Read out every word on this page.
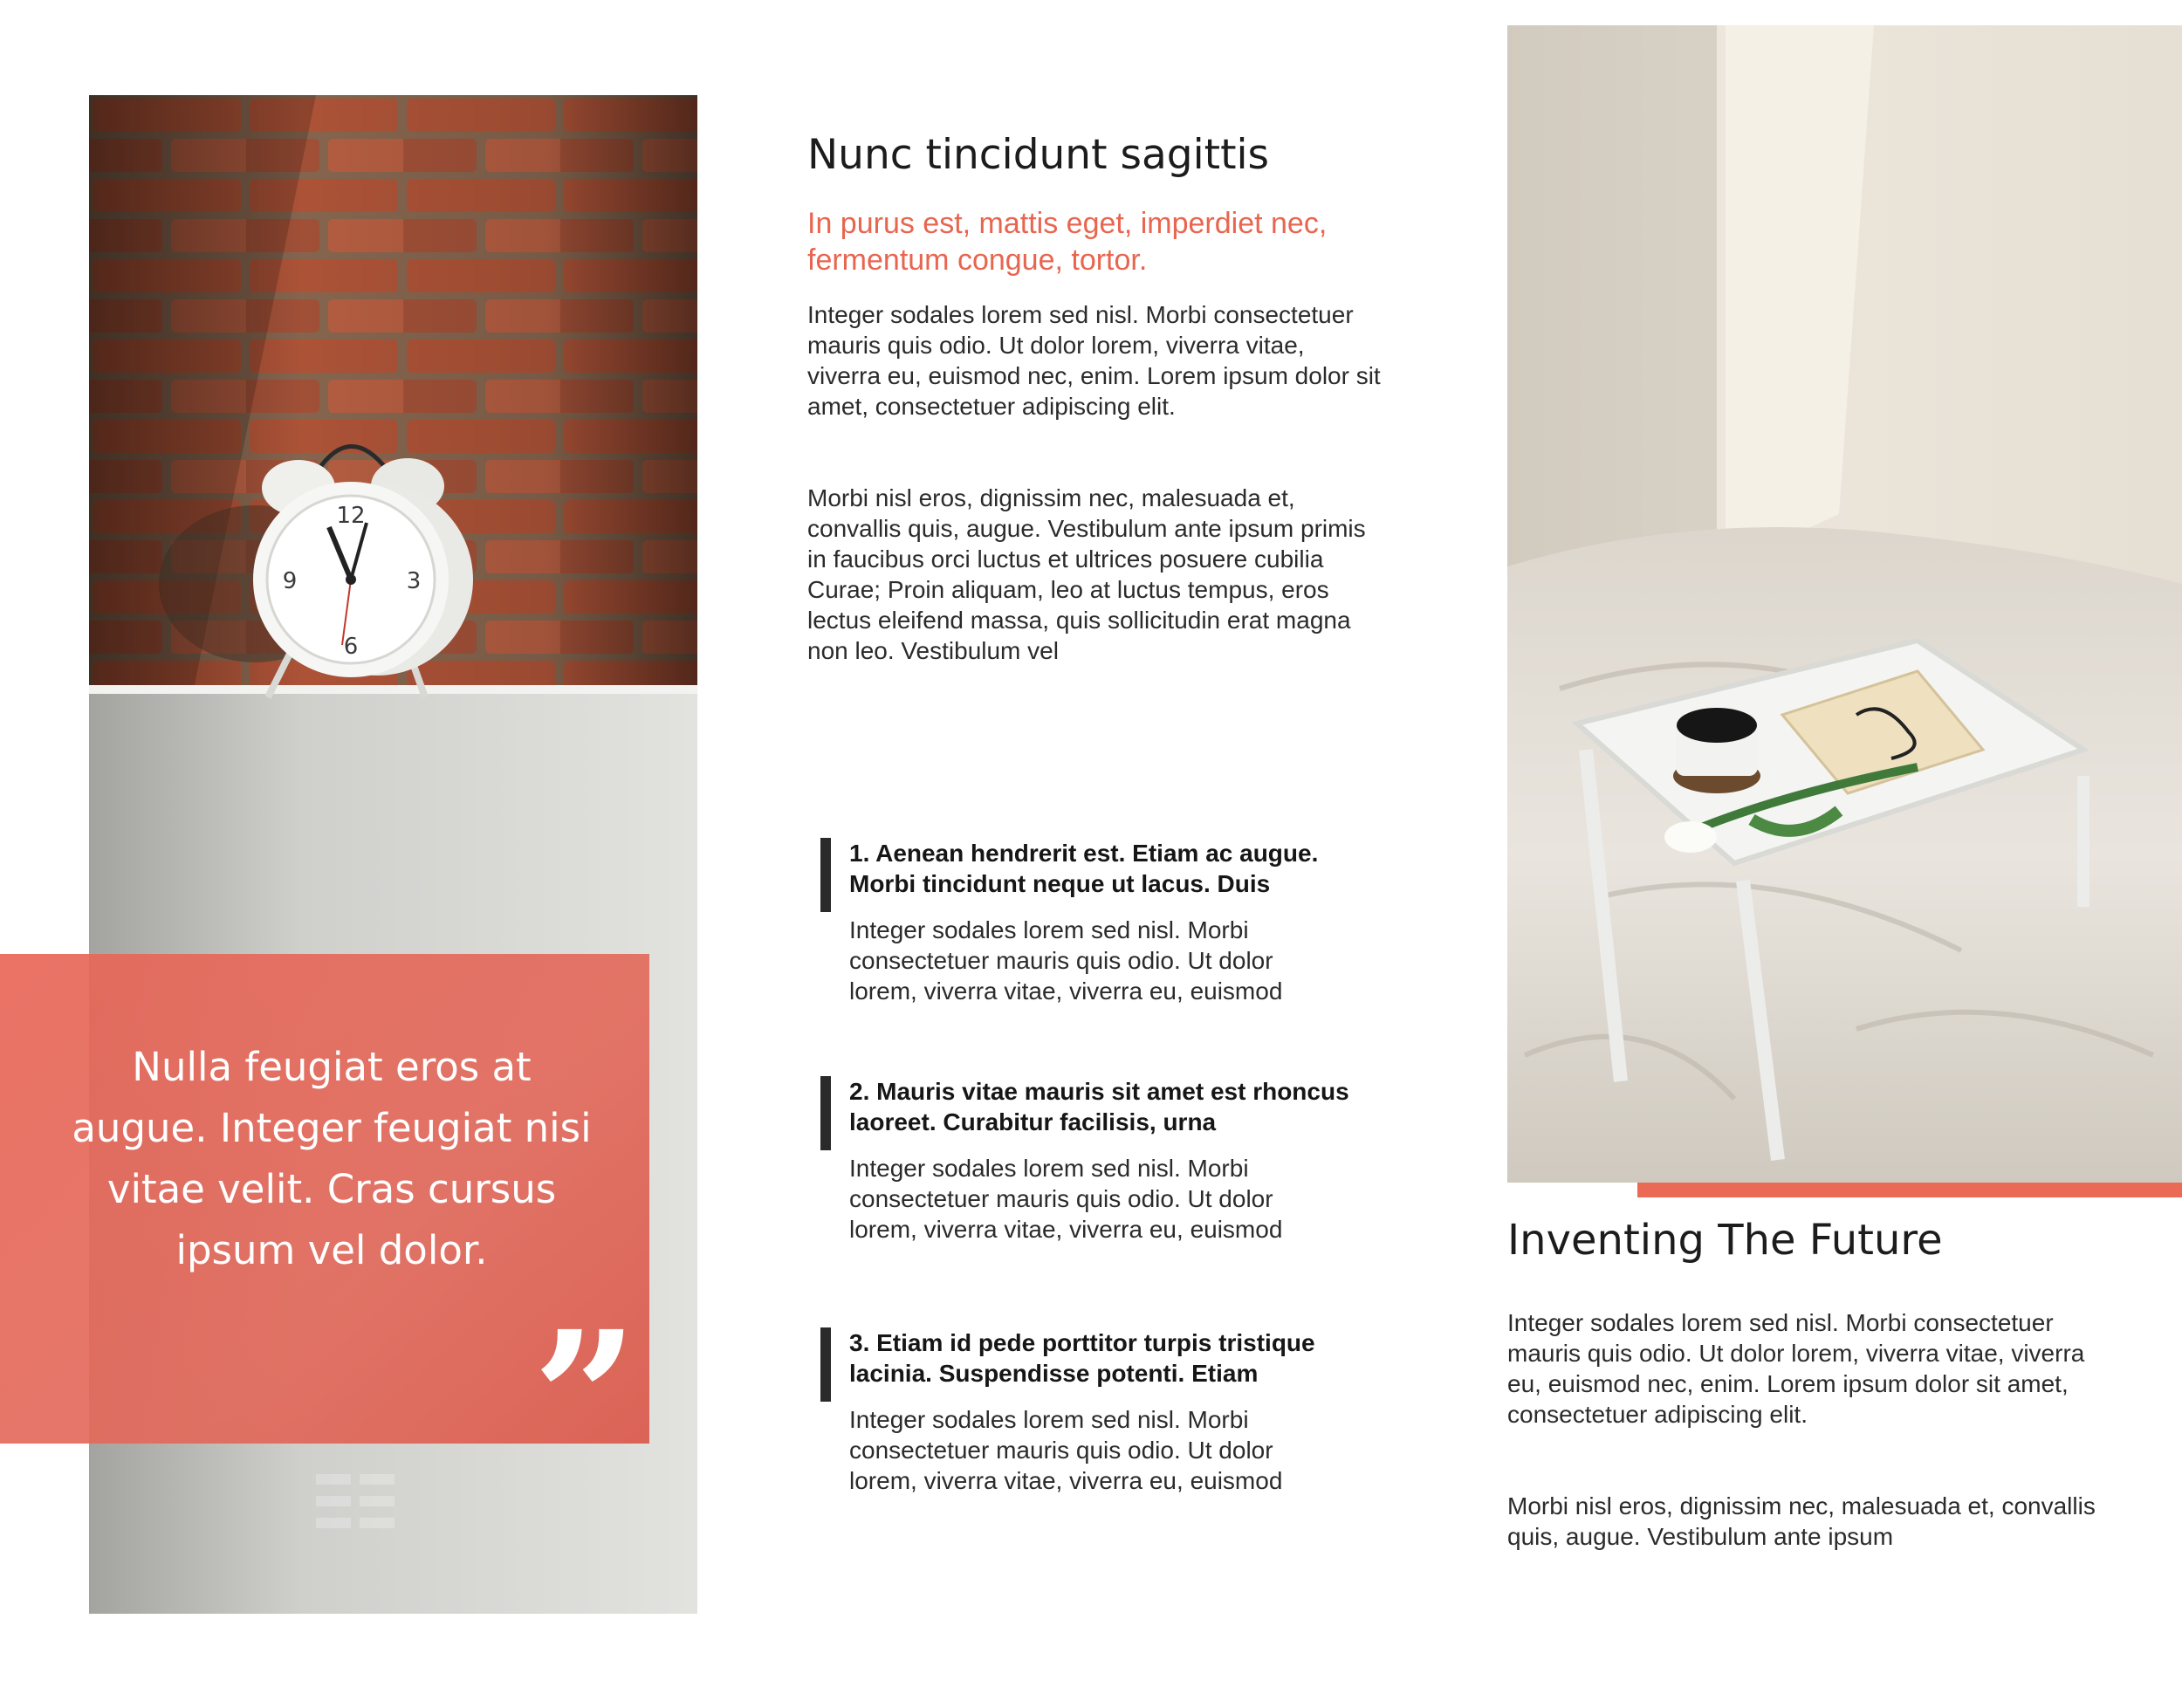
12
3
6
9
Nulla feugiat eros at augue. Integer feugiat nisi vitae velit. Cras cursus ipsum vel dolor.
”
Nunc tincidunt sagittis
In purus est, mattis eget, imperdiet nec, fermentum congue, tortor.
Integer sodales lorem sed nisl. Morbi consectetuer mauris quis odio. Ut dolor lorem, viverra vitae, viverra eu, euismod nec, enim. Lorem ipsum dolor sit amet, consectetuer adipiscing elit.
Morbi nisl eros, dignissim nec, malesuada et, convallis quis, augue. Vestibulum ante ipsum primis in faucibus orci luctus et ultrices posuere cubilia Curae; Proin aliquam, leo at luctus tempus, eros lectus eleifend massa, quis sollicitudin erat magna non leo. Vestibulum vel
1. Aenean hendrerit est. Etiam ac augue. Morbi tincidunt neque ut lacus. Duis
Integer sodales lorem sed nisl. Morbi consectetuer mauris quis odio. Ut dolor lorem, viverra vitae, viverra eu, euismod
2. Mauris vitae mauris sit amet est rhoncus laoreet. Curabitur facilisis, urna
Integer sodales lorem sed nisl. Morbi consectetuer mauris quis odio. Ut dolor lorem, viverra vitae, viverra eu, euismod
3. Etiam id pede porttitor turpis tristique lacinia. Suspendisse potenti. Etiam
Integer sodales lorem sed nisl. Morbi consectetuer mauris quis odio. Ut dolor lorem, viverra vitae, viverra eu, euismod
Inventing The Future
Integer sodales lorem sed nisl. Morbi consectetuer mauris quis odio. Ut dolor lorem, viverra vitae, viverra eu, euismod nec, enim. Lorem ipsum dolor sit amet, consectetuer adipiscing elit.
Morbi nisl eros, dignissim nec, malesuada et, convallis quis, augue. Vestibulum ante ipsum
